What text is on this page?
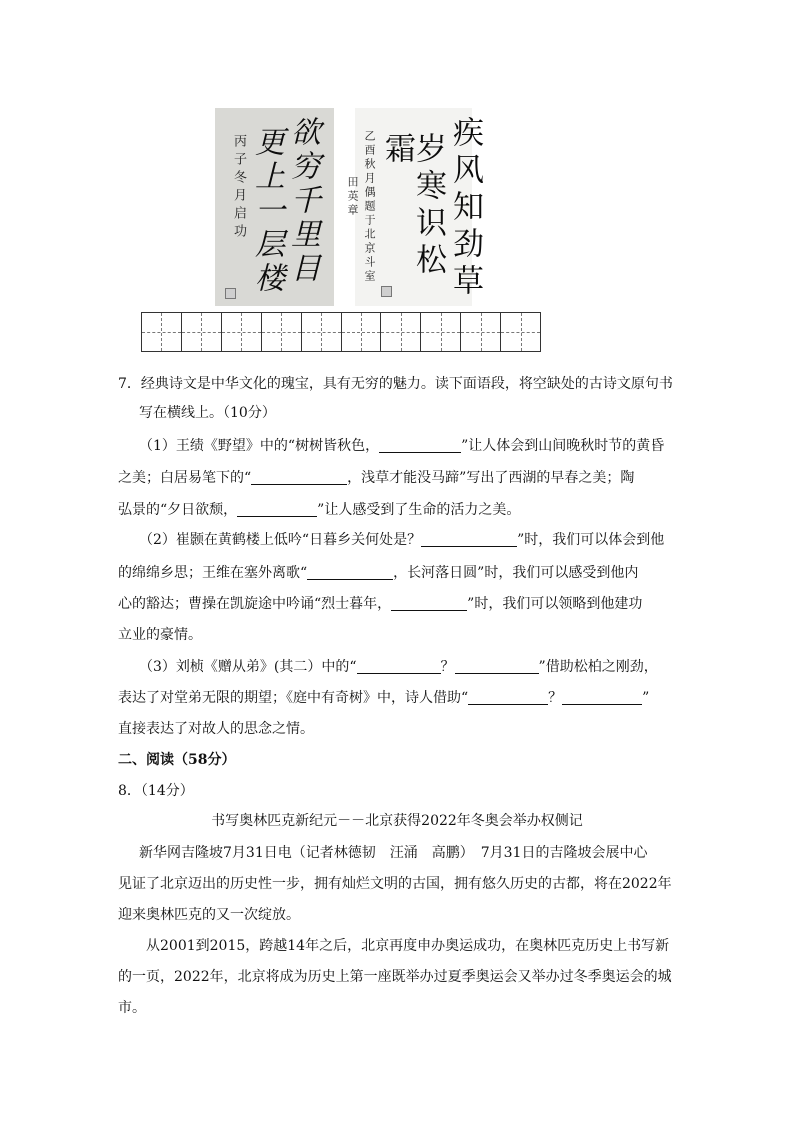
欲穷千里目
更上一层楼
丙子冬月启功	疾风知劲草
岁寒识松霜
乙酉秋月偶题于北京斗室
田英章
7．经典诗文是中华文化的瑰宝，具有无穷的魅力。读下面语段，将空缺处的古诗文原句书
写在横线上。（10分）
（1）王绩《野望》中的“树树皆秋色，	”让人体会到山间晚秋时节的黄昏
之美；白居易笔下的“	，浅草才能没马蹄”写出了西湖的早春之美；陶
弘景的“夕日欲颓，	”让人感受到了生命的活力之美。
（2）崔颢在黄鹤楼上低吟“日暮乡关何处是？	”时，我们可以体会到他
的绵绵乡思；王维在塞外离歌“	，长河落日圆”时，我们可以感受到他内
心的豁达；曹操在凯旋途中吟诵“烈士暮年，	”时，我们可以领略到他建功
立业的豪情。
（3）刘桢《赠从弟》(其二）中的“	？	”借助松柏之刚劲，
表达了对堂弟无限的期望；《庭中有奇树》中，诗人借助“	？	”
直接表达了对故人的思念之情。
二、阅读（58分）
8．（14分）
书写奥林匹克新纪元－－北京获得2022年冬奥会举办权侧记
新华网吉隆坡7月31日电（记者林德韧　汪涌　高鹏）　7月31日的吉隆坡会展中心
见证了北京迈出的历史性一步，拥有灿烂文明的古国，拥有悠久历史的古都，将在2022年
迎来奥林匹克的又一次绽放。
从2001到2015，跨越14年之后，北京再度申办奥运成功，在奥林匹克历史上书写新
的一页，2022年，北京将成为历史上第一座既举办过夏季奥运会又举办过冬季奥运会的城
市。
